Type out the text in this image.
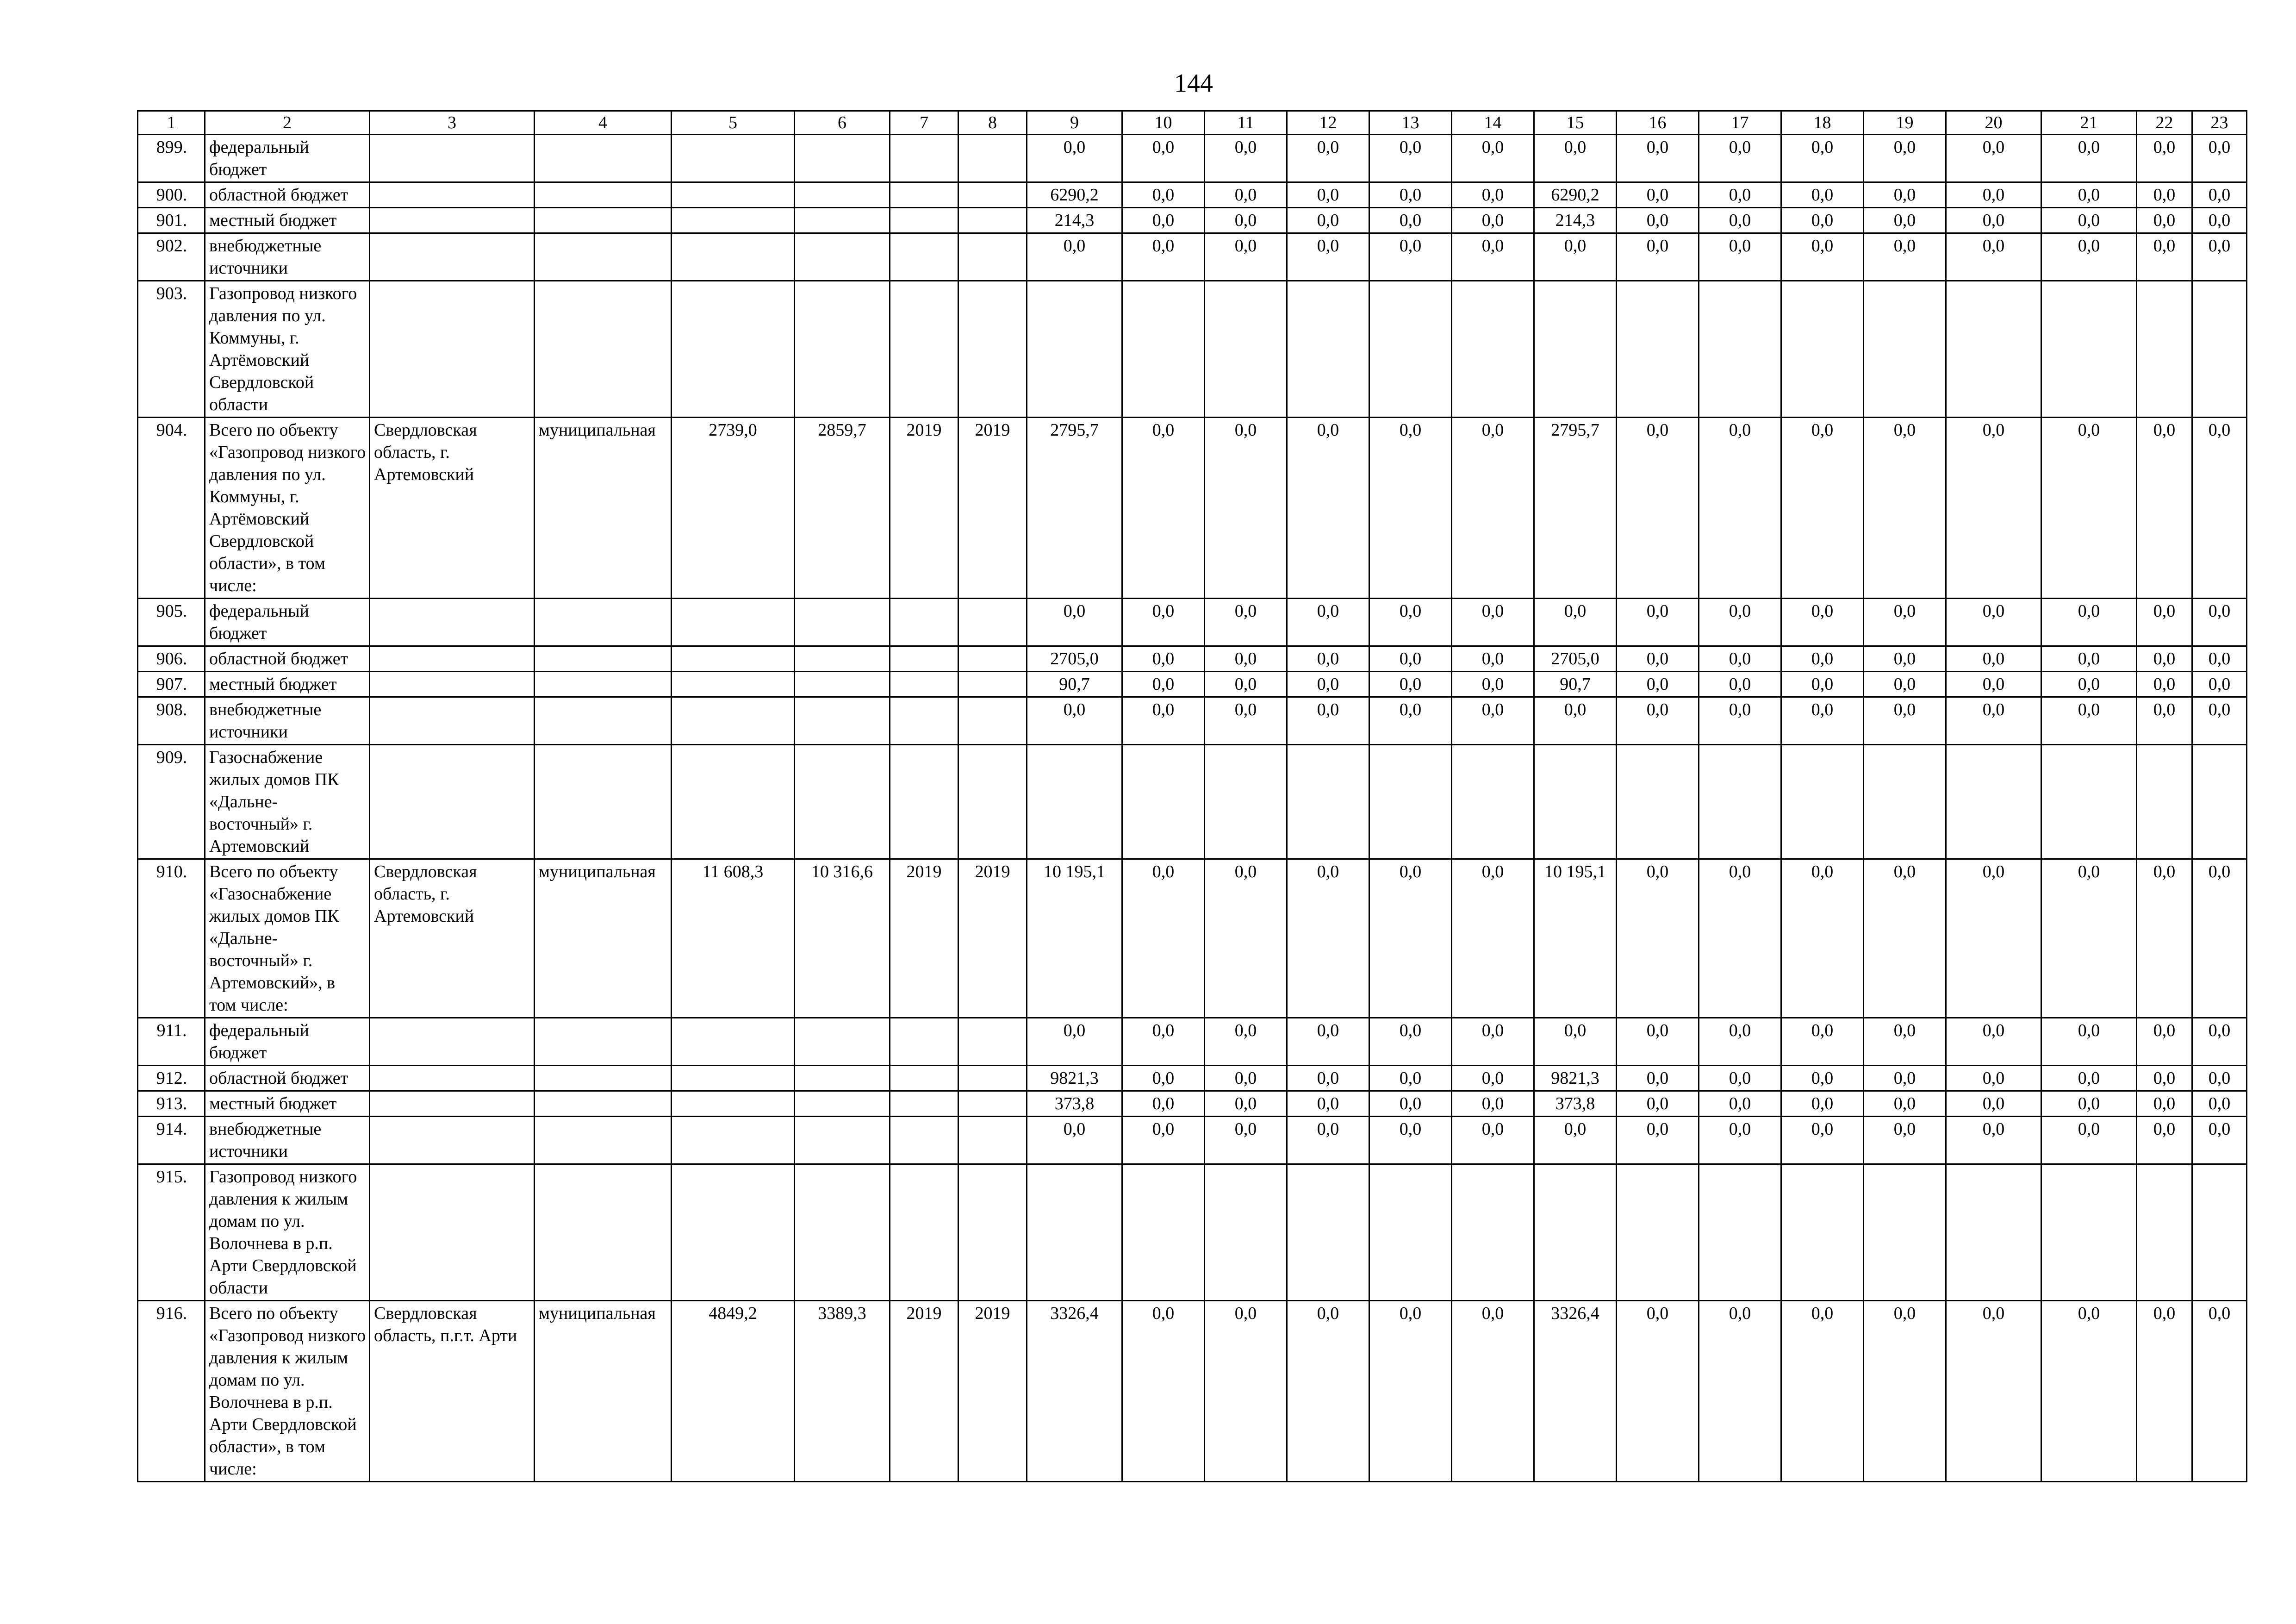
144
1	2	3	4	5	6	7	8	9	10	11	12	13	14	15	16	17	18	19	20	21	22	23
899.	федеральный бюджет							0,0	0,0	0,0	0,0	0,0	0,0	0,0	0,0	0,0	0,0	0,0	0,0	0,0	0,0	0,0
900.	областной бюджет							6290,2	0,0	0,0	0,0	0,0	0,0	6290,2	0,0	0,0	0,0	0,0	0,0	0,0	0,0	0,0
901.	местный бюджет							214,3	0,0	0,0	0,0	0,0	0,0	214,3	0,0	0,0	0,0	0,0	0,0	0,0	0,0	0,0
902.	внебюджетные источники							0,0	0,0	0,0	0,0	0,0	0,0	0,0	0,0	0,0	0,0	0,0	0,0	0,0	0,0	0,0
903.	Газопровод низкого давления по ул. Коммуны, г. Артёмовский Свердловской области																					
904.	Всего по объекту «Газопровод низкого давления по ул. Коммуны, г. Артёмовский Свердловской области», в том числе:	Свердловская область, г. Артемовский	муниципальная	2739,0	2859,7	2019	2019	2795,7	0,0	0,0	0,0	0,0	0,0	2795,7	0,0	0,0	0,0	0,0	0,0	0,0	0,0	0,0
905.	федеральный бюджет							0,0	0,0	0,0	0,0	0,0	0,0	0,0	0,0	0,0	0,0	0,0	0,0	0,0	0,0	0,0
906.	областной бюджет							2705,0	0,0	0,0	0,0	0,0	0,0	2705,0	0,0	0,0	0,0	0,0	0,0	0,0	0,0	0,0
907.	местный бюджет							90,7	0,0	0,0	0,0	0,0	0,0	90,7	0,0	0,0	0,0	0,0	0,0	0,0	0,0	0,0
908.	внебюджетные источники							0,0	0,0	0,0	0,0	0,0	0,0	0,0	0,0	0,0	0,0	0,0	0,0	0,0	0,0	0,0
909.	Газоснабжение жилых домов ПК «Дальне-восточный» г. Артемовский																					
910.	Всего по объекту «Газоснабжение жилых домов ПК «Дальне-восточный» г. Артемовский», в том числе:	Свердловская область, г. Артемовский	муниципальная	11 608,3	10 316,6	2019	2019	10 195,1	0,0	0,0	0,0	0,0	0,0	10 195,1	0,0	0,0	0,0	0,0	0,0	0,0	0,0	0,0
911.	федеральный бюджет							0,0	0,0	0,0	0,0	0,0	0,0	0,0	0,0	0,0	0,0	0,0	0,0	0,0	0,0	0,0
912.	областной бюджет							9821,3	0,0	0,0	0,0	0,0	0,0	9821,3	0,0	0,0	0,0	0,0	0,0	0,0	0,0	0,0
913.	местный бюджет							373,8	0,0	0,0	0,0	0,0	0,0	373,8	0,0	0,0	0,0	0,0	0,0	0,0	0,0	0,0
914.	внебюджетные источники							0,0	0,0	0,0	0,0	0,0	0,0	0,0	0,0	0,0	0,0	0,0	0,0	0,0	0,0	0,0
915.	Газопровод низкого давления к жилым домам по ул. Волочнева в р.п. Арти Свердловской области																					
916.	Всего по объекту «Газопровод низкого давления к жилым домам по ул. Волочнева в р.п. Арти Свердловской области», в том числе:	Свердловская область, п.г.т. Арти	муниципальная	4849,2	3389,3	2019	2019	3326,4	0,0	0,0	0,0	0,0	0,0	3326,4	0,0	0,0	0,0	0,0	0,0	0,0	0,0	0,0
